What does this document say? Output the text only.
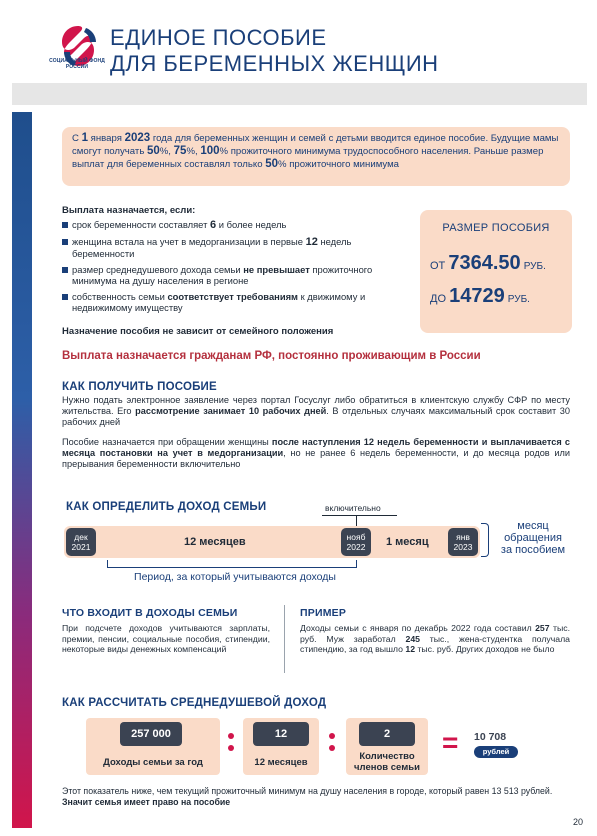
СОЦИАЛЬНЫЙ ФОНД РОССИИ
ЕДИНОЕ ПОСОБИЕ
ДЛЯ БЕРЕМЕННЫХ ЖЕНЩИН
С 1 января 2023 года для беременных женщин и семей с детьми вводится единое пособие. Будущие мамы смогут получать 50%, 75%, 100% прожиточного минимума трудоспособного населения. Раньше размер выплат для беременных составлял только 50% прожиточного минимума
Выплата назначается, если:
срок беременности составляет 6 и более недель
женщина встала на учет в медорганизации в первые 12 недель беременности
размер среднедушевого дохода семьи не превышает прожиточного минимума на душу населения в регионе
собственность семьи соответствует требованиям к движимому и недвижимому имуществу
Назначение пособия не зависит от семейного положения
РАЗМЕР ПОСОБИЯ
ОТ 7364.50 РУБ.
ДО 14729 РУБ.
Выплата назначается гражданам РФ, постоянно проживающим в России
КАК ПОЛУЧИТЬ ПОСОБИЕ
Нужно подать электронное заявление через портал Госуслуг либо обратиться в клиентскую службу СФР по месту жительства. Его рассмотрение занимает 10 рабочих дней. В отдельных случаях максимальный срок составит 30 рабочих дней
Пособие назначается при обращении женщины после наступления 12 недель беременности и выплачивается с месяца постановки на учет в медорганизации, но не ранее 6 недель беременности, и до месяца родов или прерывания беременности включительно
КАК ОПРЕДЕЛИТЬ ДОХОД СЕМЬИ	включительно
дек
2021	12 месяцев	нояб
2022	1 месяц	янв
2023
месяц
обращения
за пособием
Период, за который учитываются доходы
ЧТО ВХОДИТ В ДОХОДЫ СЕМЬИ
При подсчете доходов учитываются зарплаты, премии, пенсии, социальные пособия, стипендии, некоторые виды денежных компенсаций
ПРИМЕР
Доходы семьи с января по декабрь 2022 года составил 257 тыс. руб. Муж заработал 245 тыс., жена-студентка получала стипендию, за год вышло 12 тыс. руб. Других доходов не было
КАК РАССЧИТАТЬ СРЕДНЕДУШЕВОЙ ДОХОД
257 000
Доходы семьи за год
12
12 месяцев
2
Количество
членов семьи
= 10 708
рублей
Этот показатель ниже, чем текущий прожиточный минимум на душу населения в городе, который равен 13 513 рублей. Значит семья имеет право на пособие
20
